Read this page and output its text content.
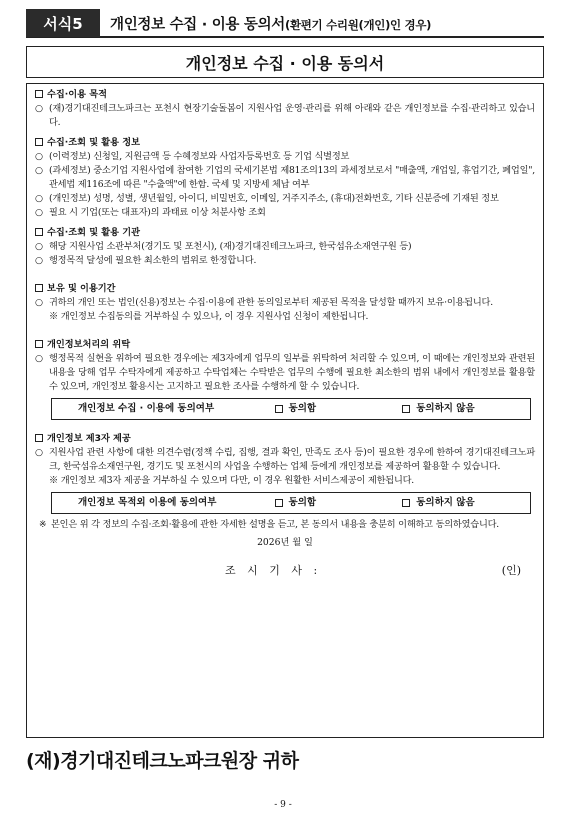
서식5	개인정보 수집 · 이용 동의서(환편기 수리원(개인)인 경우)
개인정보 수집 · 이용 동의서
수집·이용 목적
○ (재)경기대진테크노파크는 포천시 현장기술돌봄이 지원사업 운영·관리를 위해 아래와 같은 개인정보를 수집·관리하고 있습니다.
수집·조회 및 활용 정보
○ (이력정보) 신청일, 지원금액 등 수혜정보와 사업자등록번호 등 기업 식별정보
○ (과세정보) 중소기업 지원사업에 참여한 기업의 국세기본법 제81조의13의 과세정보로서 "매출액, 개업일, 휴업기간, 폐업일", 관세법 제116조에 따른 "수출액"에 한함. 국세 및 지방세 체납 여부
○ (개인정보) 성명, 성별, 생년월일, 아이디, 비밀번호, 이메일, 거주지주소, (휴대)전화번호, 기타 신분증에 기재된 정보
○ 필요 시 기업(또는 대표자)의 과태료 이상 처분사항 조회
수집·조회 및 활용 기관
○ 해당 지원사업 소관부처(경기도 및 포천시), (재)경기대진테크노파크, 한국섬유소재연구원 등)
○ 행정목적 달성에 필요한 최소한의 범위로 한정합니다.
보유 및 이용기간
○ 귀하의 개인 또는 법인(신용)정보는 수집·이용에 관한 동의일로부터 제공된 목적을 달성할 때까지 보유·이용됩니다.
※ 개인정보 수집동의를 거부하실 수 있으나, 이 경우 지원사업 신청이 제한됩니다.
개인정보처리의 위탁
○ 행정목적 실현을 위하여 필요한 경우에는 제3자에게 업무의 일부를 위탁하여 처리할 수 있으며, 이 때에는 개인정보와 관련된 내용을 당해 업무 수탁자에게 제공하고 수탁업체는 수탁받은 업무의 수행에 필요한 최소한의 범위 내에서 개인정보를 활용할 수 있으며, 개인정보 활용시는 고지하고 필요한 조사를 수행하게 할 수 있습니다.
개인정보 수집 · 이용에 동의여부	동의함	동의하지 않음
개인정보 제3자 제공
○ 지원사업 관련 사항에 대한 의견수렴(정책 수립, 집행, 결과 확인, 만족도 조사 등)이 필요한 경우에 한하여 경기대진테크노파크, 한국섬유소재연구원, 경기도 및 포천시의 사업을 수행하는 업체 등에게 개인정보를 제공하여 활용할 수 있습니다.
※ 개인정보 제3자 제공을 거부하실 수 있으며 다만, 이 경우 원활한 서비스제공이 제한됩니다.
개인정보 목적외 이용에 동의여부	동의함	동의하지 않음
※ 본인은 위 각 정보의 수집·조회·활용에 관한 자세한 설명을 듣고, 본 동의서 내용을 충분히 이해하고 동의하였습니다.
2026년 월 일
조 시 기 사 :	(인)
(재)경기대진테크노파크원장 귀하
- 9 -
